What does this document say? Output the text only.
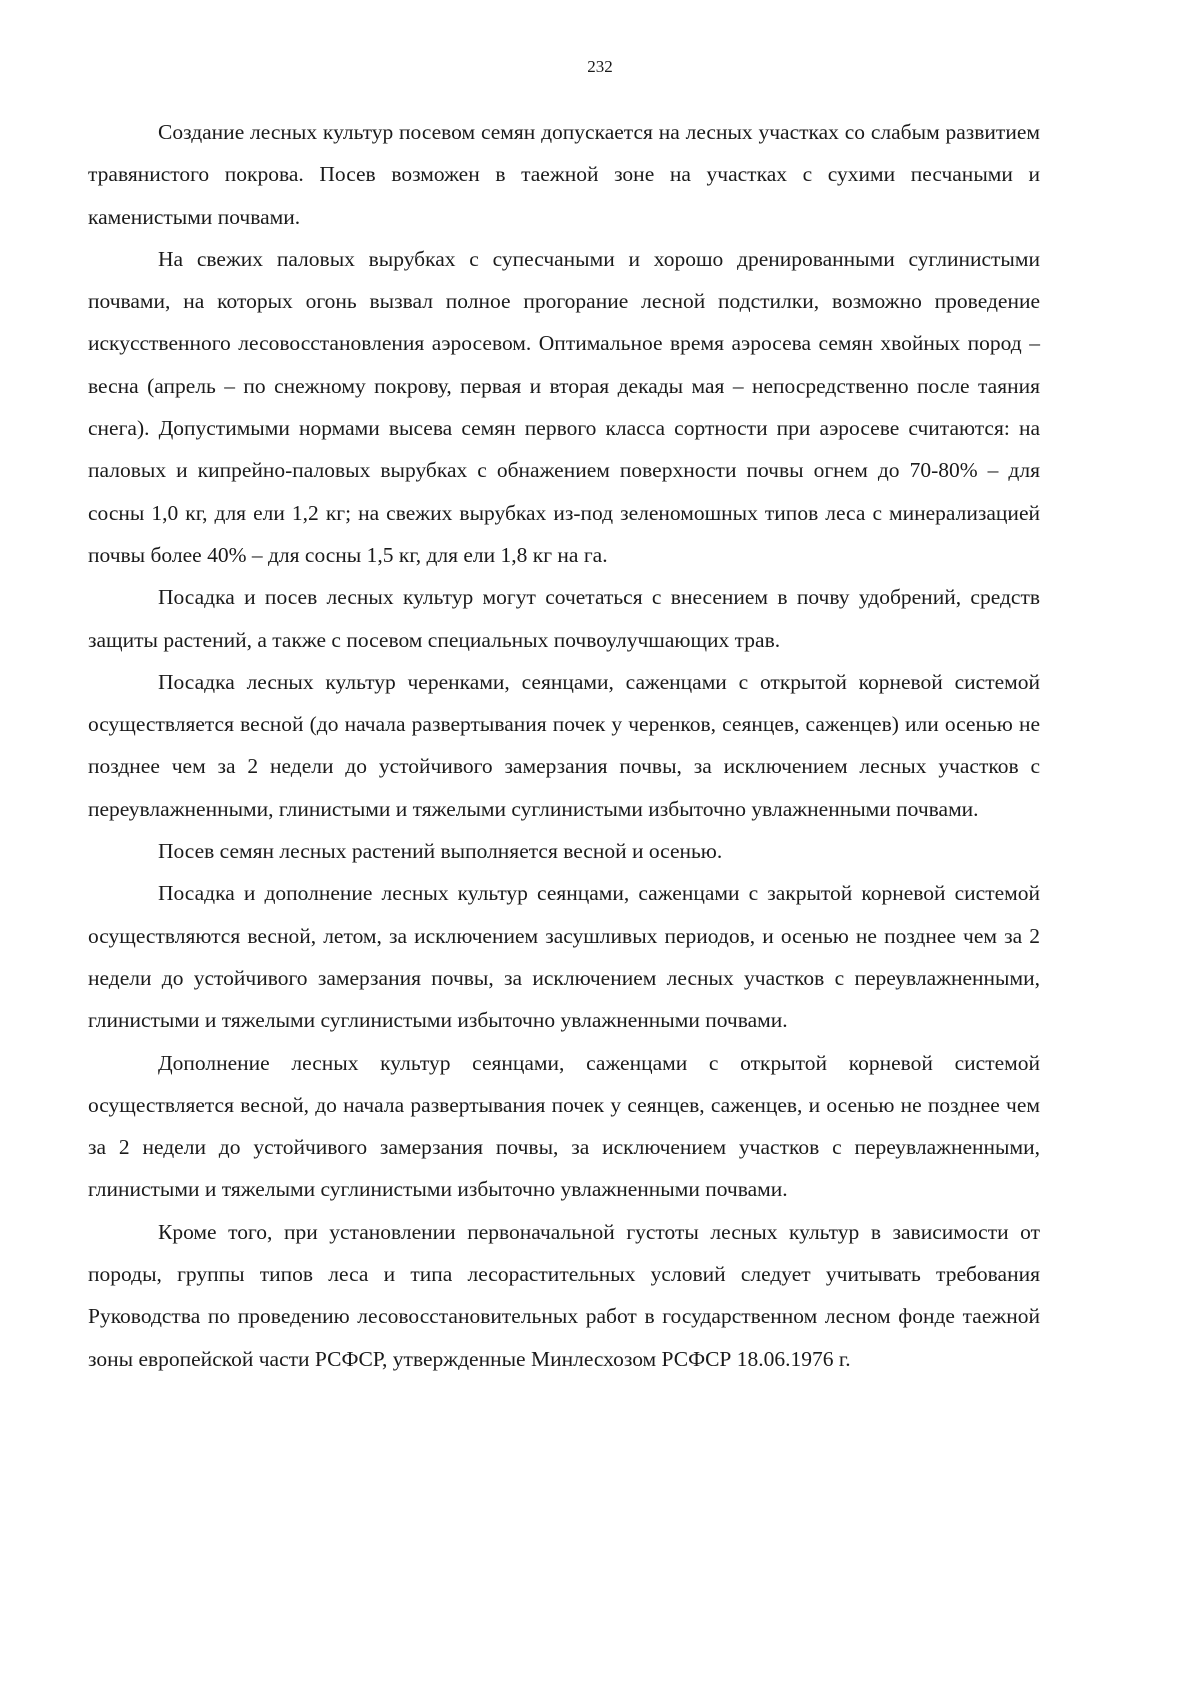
232

Создание лесных культур посевом семян допускается на лесных участках со слабым развитием травянистого покрова. Посев возможен в таежной зоне на участках с сухими песчаными и каменистыми почвами.

На свежих паловых вырубках с супесчаными и хорошо дренированными суглинистыми почвами, на которых огонь вызвал полное прогорание лесной подстилки, возможно проведение искусственного лесовосстановления аэросевом. Оптимальное время аэросева семян хвойных пород – весна (апрель – по снежному покрову, первая и вторая декады мая – непосредственно после таяния снега). Допустимыми нормами высева семян первого класса сортности при аэросеве считаются: на паловых и кипрейно-паловых вырубках с обнажением поверхности почвы огнем до 70-80% – для сосны 1,0 кг, для ели 1,2 кг; на свежих вырубках из-под зеленомошных типов леса с минерализацией почвы более 40% – для сосны 1,5 кг, для ели 1,8 кг на га.

Посадка и посев лесных культур могут сочетаться с внесением в почву удобрений, средств защиты растений, а также с посевом специальных почвоулучшающих трав.

Посадка лесных культур черенками, сеянцами, саженцами с открытой корневой системой осуществляется весной (до начала развертывания почек у черенков, сеянцев, саженцев) или осенью не позднее чем за 2 недели до устойчивого замерзания почвы, за исключением лесных участков с переувлажненными, глинистыми и тяжелыми суглинистыми избыточно увлажненными почвами.

Посев семян лесных растений выполняется весной и осенью.

Посадка и дополнение лесных культур сеянцами, саженцами с закрытой корневой системой осуществляются весной, летом, за исключением засушливых периодов, и осенью не позднее чем за 2 недели до устойчивого замерзания почвы, за исключением лесных участков с переувлажненными, глинистыми и тяжелыми суглинистыми избыточно увлажненными почвами.

Дополнение лесных культур сеянцами, саженцами с открытой корневой системой осуществляется весной, до начала развертывания почек у сеянцев, саженцев, и осенью не позднее чем за 2 недели до устойчивого замерзания почвы, за исключением участков с переувлажненными, глинистыми и тяжелыми суглинистыми избыточно увлажненными почвами.

Кроме того, при установлении первоначальной густоты лесных культур в зависимости от породы, группы типов леса и типа лесорастительных условий следует учитывать требования Руководства по проведению лесовосстановительных работ в государственном лесном фонде таежной зоны европейской части РСФСР, утвержденные Минлесхозом РСФСР 18.06.1976 г.
